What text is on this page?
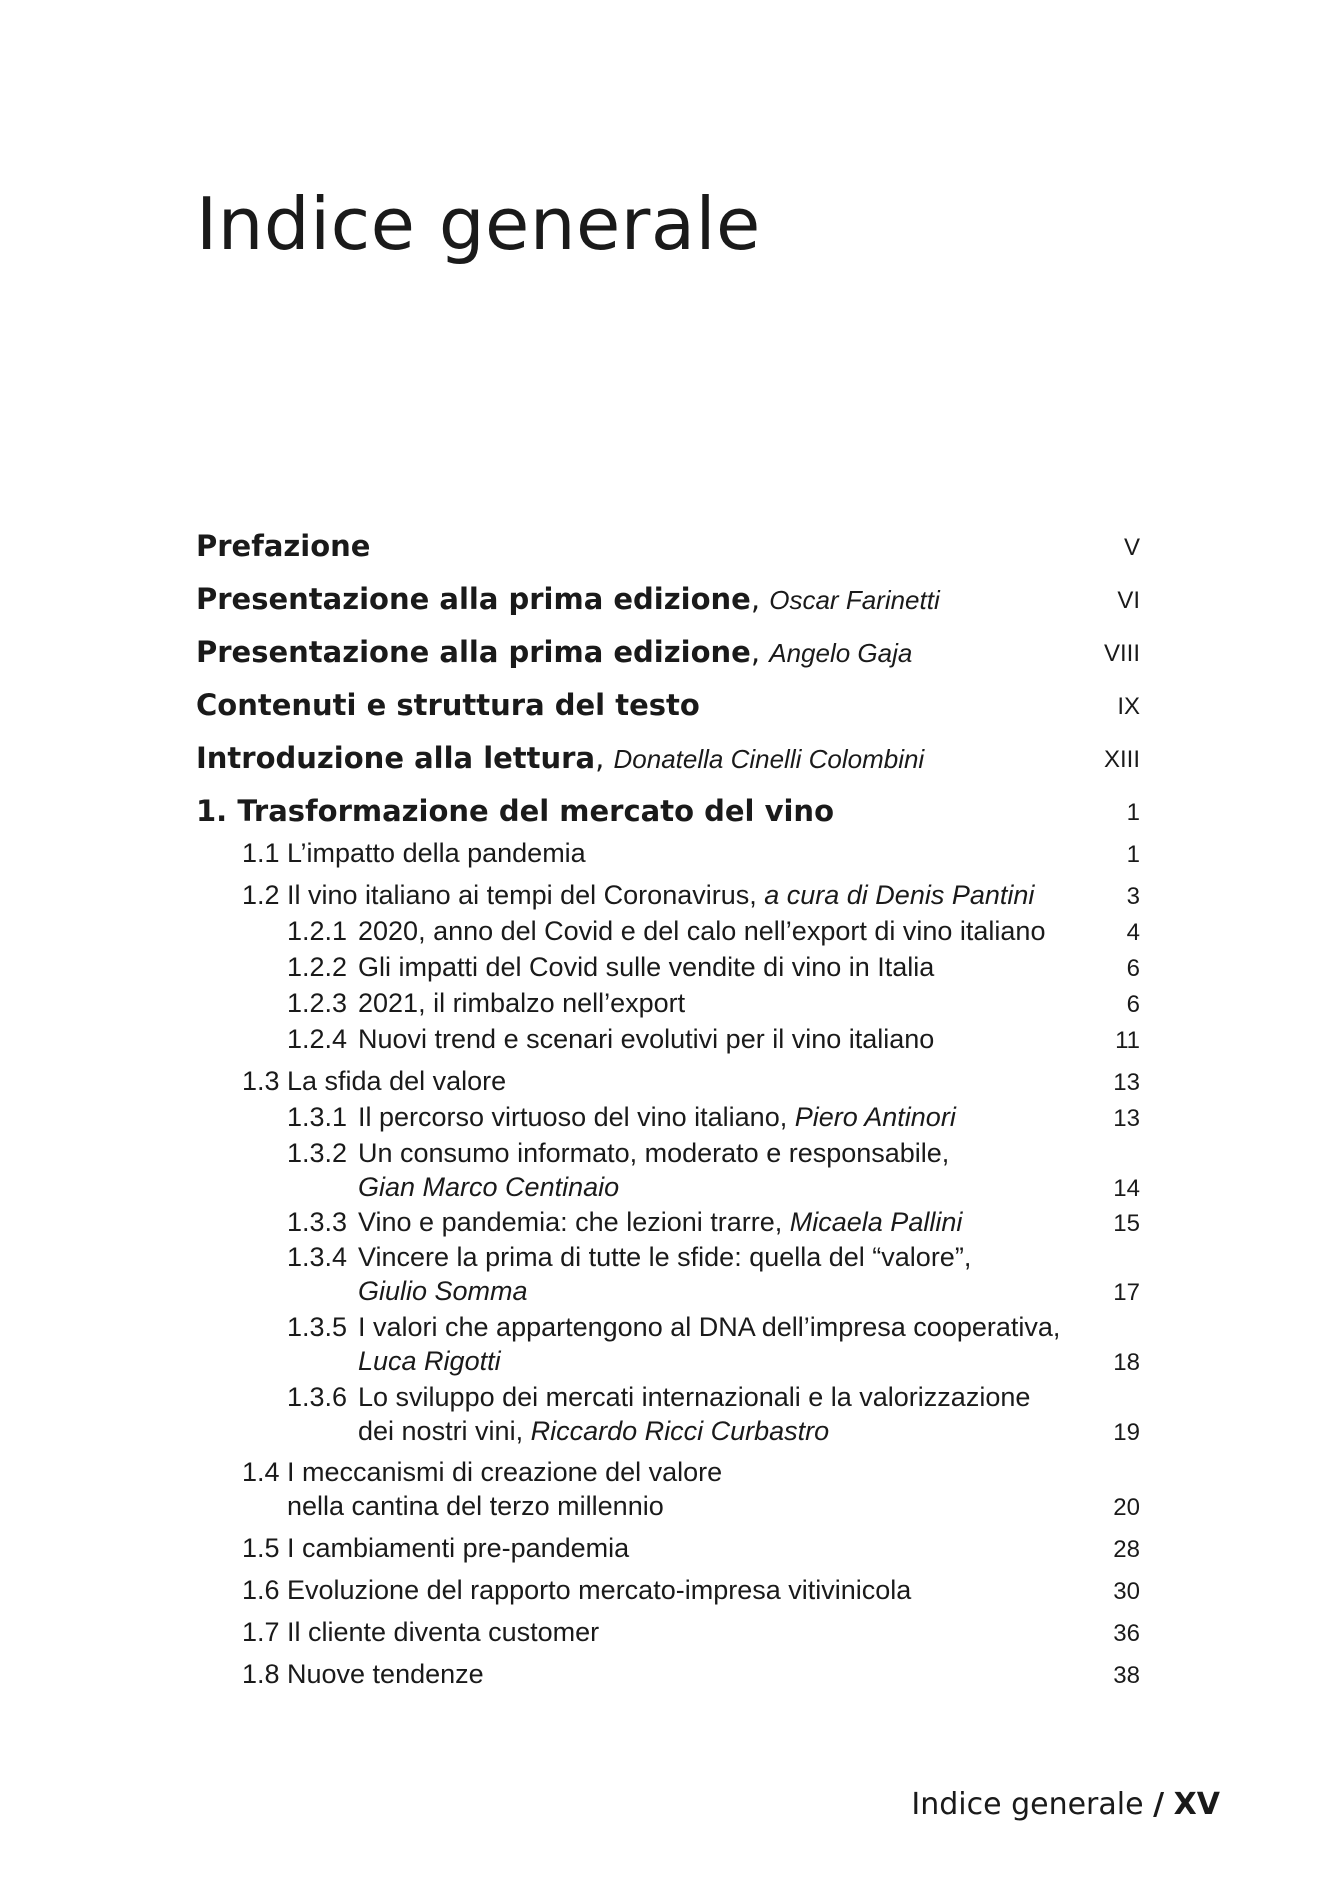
Indice generale
Prefazione	V
Presentazione alla prima edizione, Oscar Farinetti	VI
Presentazione alla prima edizione, Angelo Gaja	VIII
Contenuti e struttura del testo	IX
Introduzione alla lettura, Donatella Cinelli Colombini	XIII
1. Trasformazione del mercato del vino	1
1.1 L’impatto della pandemia	1
1.2 Il vino italiano ai tempi del Coronavirus, a cura di Denis Pantini	3
1.2.1 2020, anno del Covid e del calo nell’export di vino italiano	4
1.2.2 Gli impatti del Covid sulle vendite di vino in Italia	6
1.2.3 2021, il rimbalzo nell’export	6
1.2.4 Nuovi trend e scenari evolutivi per il vino italiano	11
1.3 La sfida del valore	13
1.3.1 Il percorso virtuoso del vino italiano, Piero Antinori	13
1.3.2 Un consumo informato, moderato e responsabile,
Gian Marco Centinaio	14
1.3.3 Vino e pandemia: che lezioni trarre, Micaela Pallini	15
1.3.4 Vincere la prima di tutte le sfide: quella del “valore”,
Giulio Somma	17
1.3.5 I valori che appartengono al DNA dell’impresa cooperativa,
Luca Rigotti	18
1.3.6 Lo sviluppo dei mercati internazionali e la valorizzazione
dei nostri vini, Riccardo Ricci Curbastro	19
1.4 I meccanismi di creazione del valore
nella cantina del terzo millennio	20
1.5 I cambiamenti pre-pandemia	28
1.6 Evoluzione del rapporto mercato-impresa vitivinicola	30
1.7 Il cliente diventa customer	36
1.8 Nuove tendenze	38
Indice generale / XV
